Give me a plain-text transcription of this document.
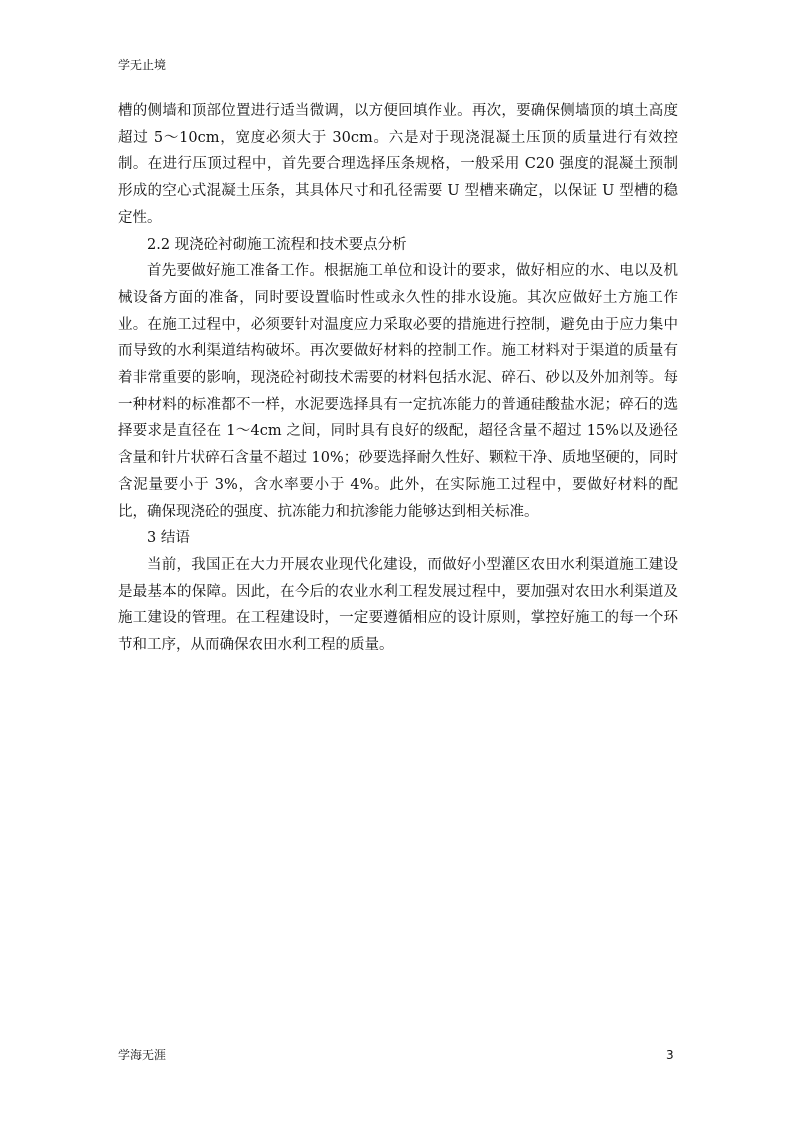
学无止境

槽的侧墙和顶部位置进行适当微调，以方便回填作业。再次，要确保侧墙顶的填土高度超过 5～10cm，宽度必须大于 30cm。六是对于现浇混凝土压顶的质量进行有效控制。在进行压顶过程中，首先要合理选择压条规格，一般采用 C20 强度的混凝土预制形成的空心式混凝土压条，其具体尺寸和孔径需要 U 型槽来确定，以保证 U 型槽的稳定性。

2.2 现浇砼衬砌施工流程和技术要点分析

首先要做好施工准备工作。根据施工单位和设计的要求，做好相应的水、电以及机械设备方面的准备，同时要设置临时性或永久性的排水设施。其次应做好土方施工作业。在施工过程中，必须要针对温度应力采取必要的措施进行控制，避免由于应力集中而导致的水利渠道结构破坏。再次要做好材料的控制工作。施工材料对于渠道的质量有着非常重要的影响，现浇砼衬砌技术需要的材料包括水泥、碎石、砂以及外加剂等。每一种材料的标准都不一样，水泥要选择具有一定抗冻能力的普通硅酸盐水泥；碎石的选择要求是直径在 1～4cm 之间，同时具有良好的级配，超径含量不超过 15%以及逊径含量和针片状碎石含量不超过 10%；砂要选择耐久性好、颗粒干净、质地坚硬的，同时含泥量要小于 3%，含水率要小于 4%。此外，在实际施工过程中，要做好材料的配比，确保现浇砼的强度、抗冻能力和抗渗能力能够达到相关标准。

3 结语

当前，我国正在大力开展农业现代化建设，而做好小型灌区农田水利渠道施工建设是最基本的保障。因此，在今后的农业水利工程发展过程中，要加强对农田水利渠道及施工建设的管理。在工程建设时，一定要遵循相应的设计原则，掌控好施工的每一个环节和工序，从而确保农田水利工程的质量。

学海无涯	3
